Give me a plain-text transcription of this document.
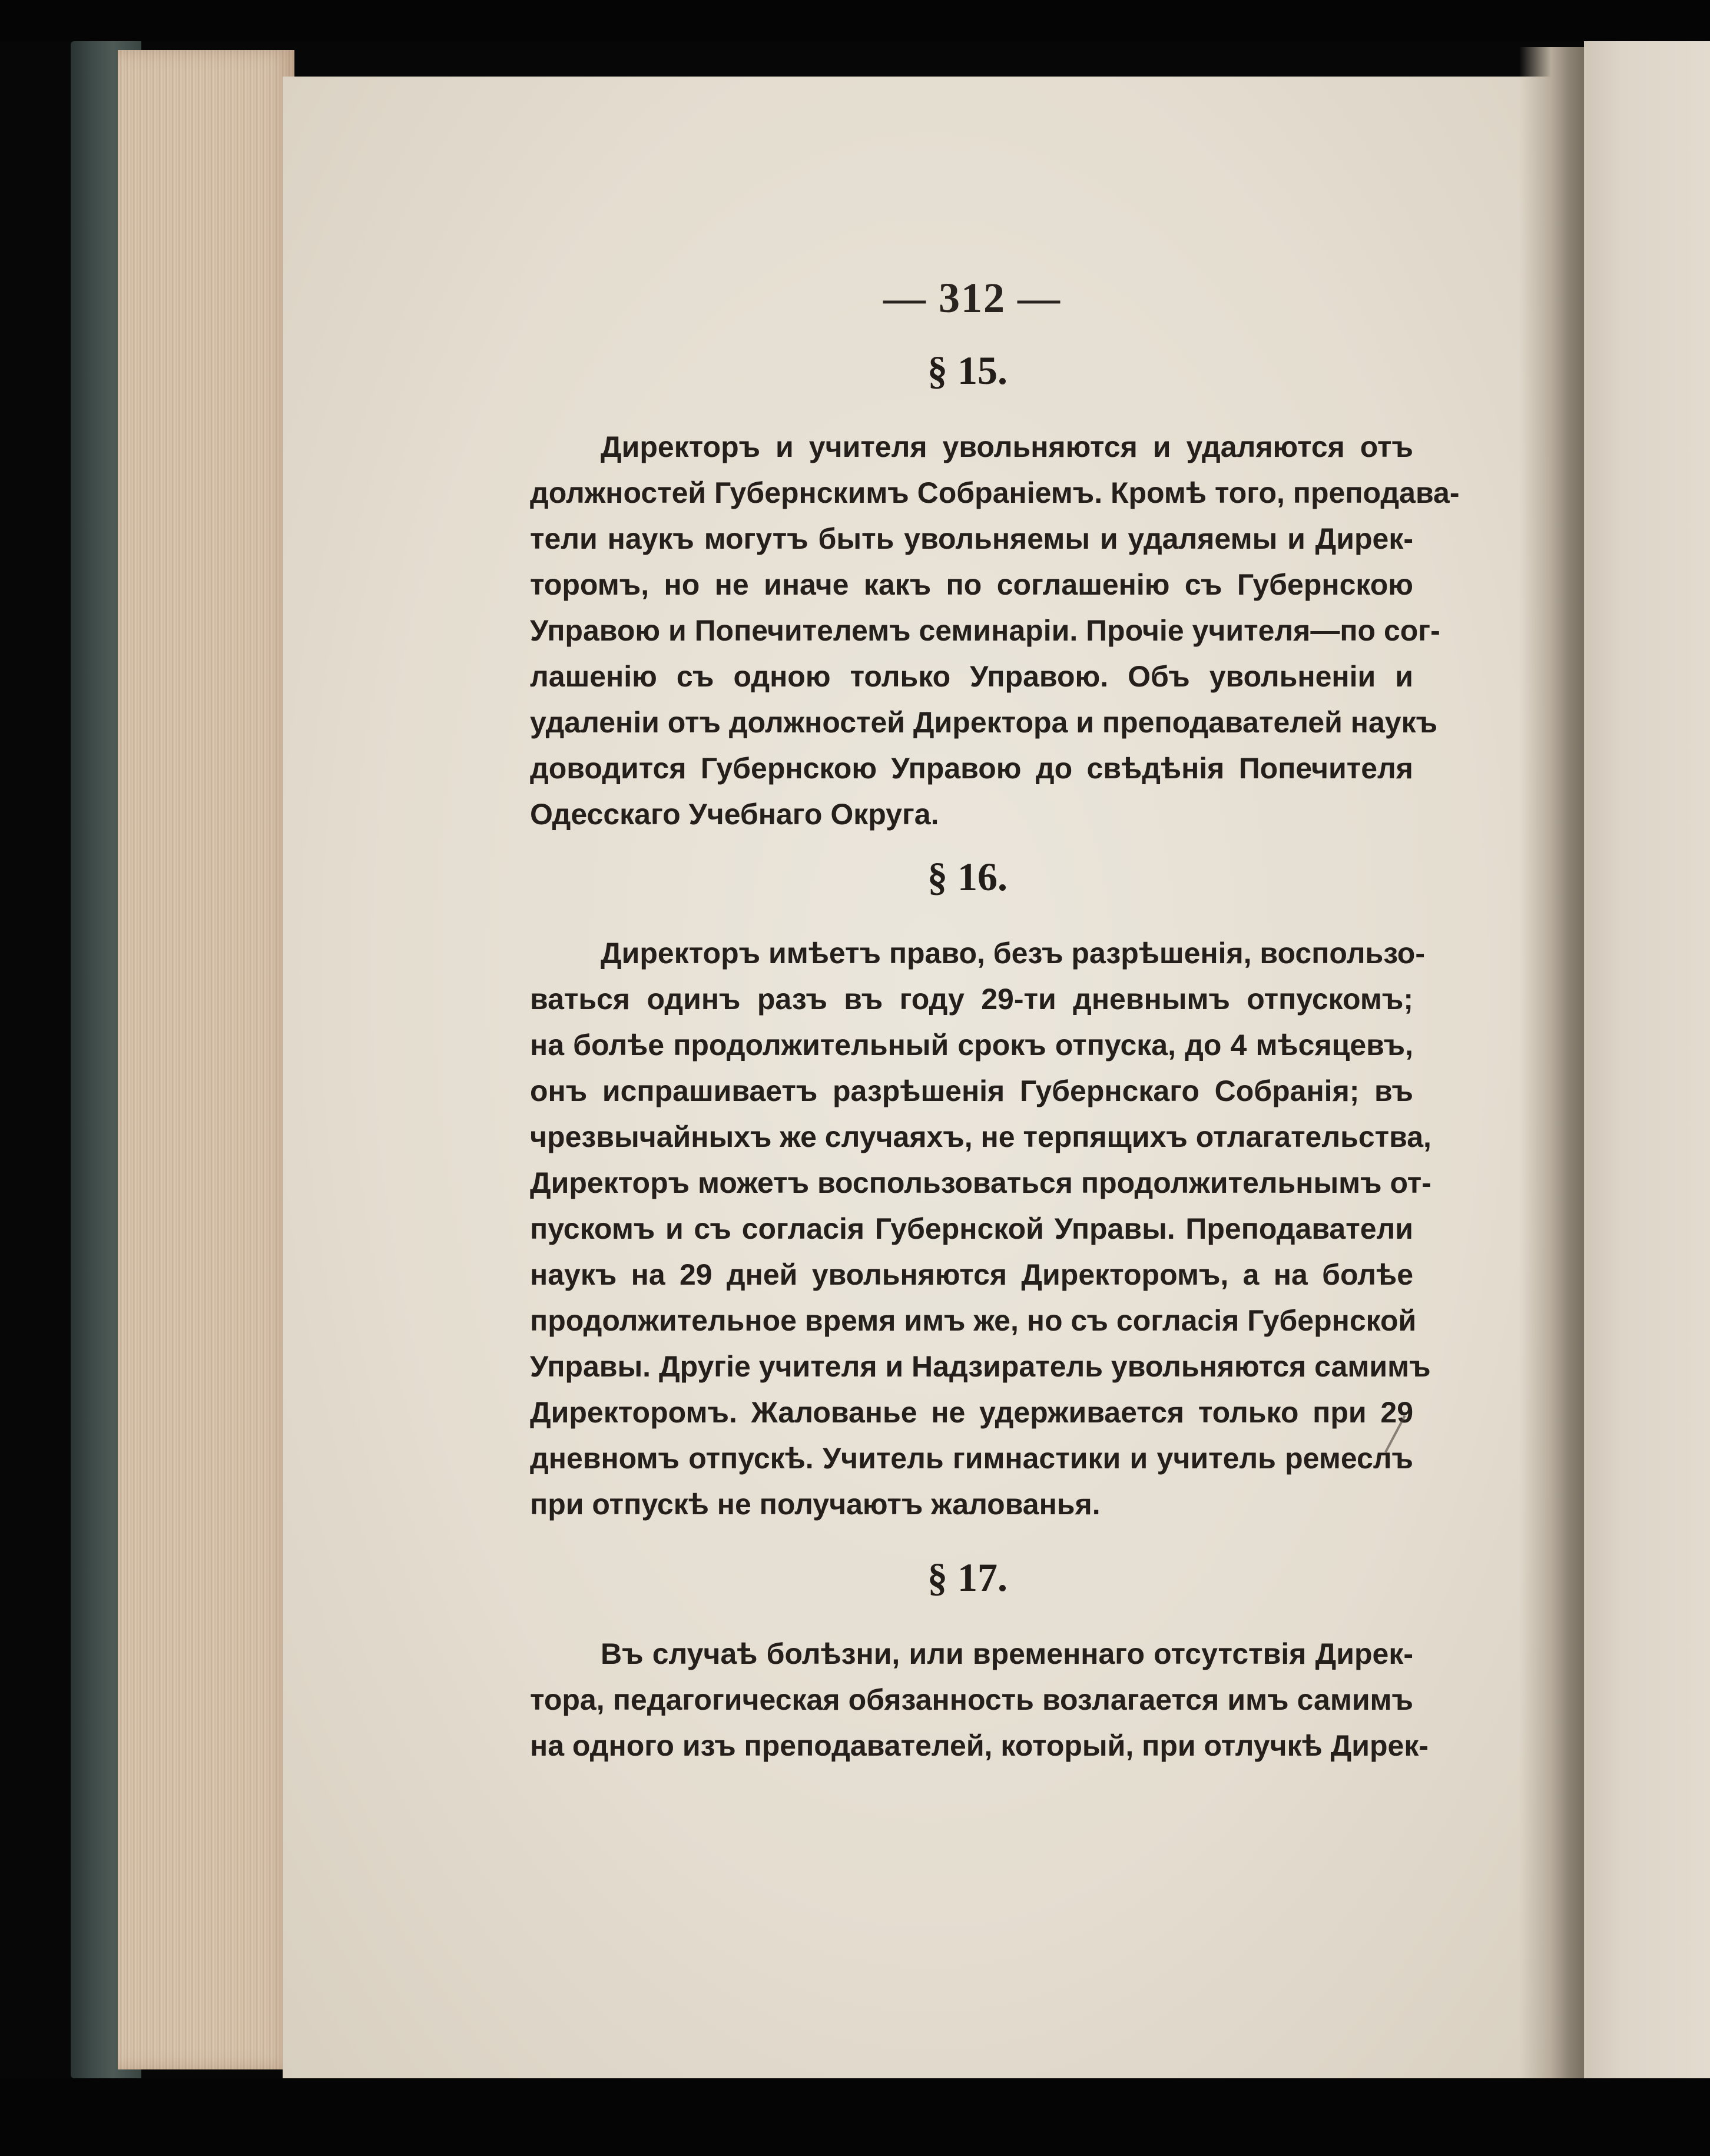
— 312 —
§ 15.
Директоръ и учителя увольняются и удаляются отъ
должностей Губернскимъ Собраніемъ. Кромѣ того, преподава-
тели наукъ могутъ быть увольняемы и удаляемы и Дирек-
торомъ, но не иначе какъ по соглашенію съ Губернскою
Управою и Попечителемъ семинаріи. Прочіе учителя—по сог-
лашенію съ одною только Управою. Объ увольненіи и
удаленіи отъ должностей Директора и преподавателей наукъ
доводится Губернскою Управою до свѣдѣнія Попечителя
Одесскаго Учебнаго Округа.
§ 16.
Директоръ имѣетъ право, безъ разрѣшенія, воспользо-
ваться одинъ разъ въ году 29-ти дневнымъ отпускомъ;
на болѣе продолжительный срокъ отпуска, до 4 мѣсяцевъ,
онъ испрашиваетъ разрѣшенія Губернскаго Собранія; въ
чрезвычайныхъ же случаяхъ, не терпящихъ отлагательства,
Директоръ можетъ воспользоваться продолжительнымъ от-
пускомъ и съ согласія Губернской Управы. Преподаватели
наукъ на 29 дней увольняются Директоромъ, а на болѣе
продолжительное время имъ же, но съ согласія Губернской
Управы. Другіе учителя и Надзиратель увольняются самимъ
Директоромъ. Жалованье не удерживается только при 29
дневномъ отпускѣ. Учитель гимнастики и учитель ремеслъ
при отпускѣ не получаютъ жалованья.
§ 17.
Въ случаѣ болѣзни, или временнаго отсутствія Дирек-
тора, педагогическая обязанность возлагается имъ самимъ
на одного изъ преподавателей, который, при отлучкѣ Дирек-
